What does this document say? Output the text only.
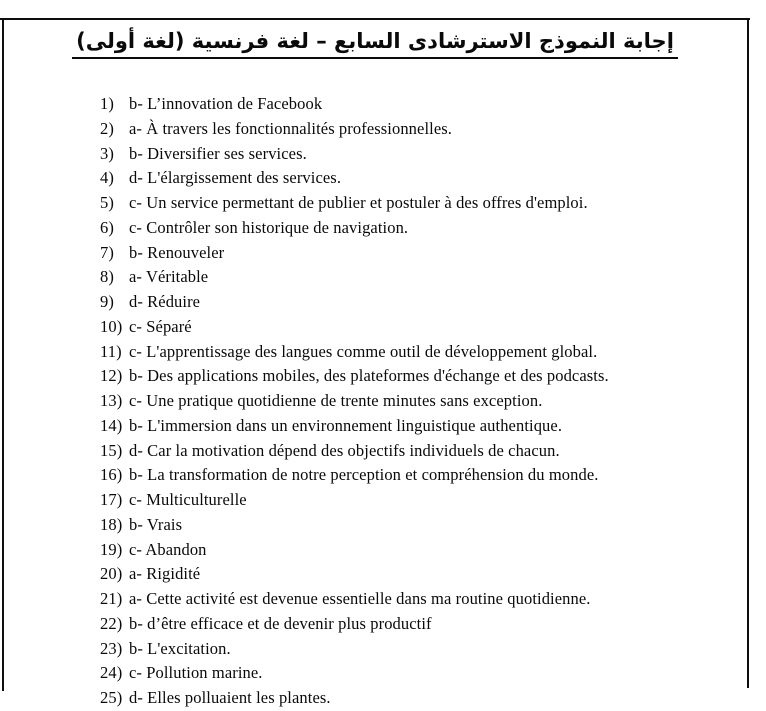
إجابة النموذج الاسترشادى السابع – لغة فرنسية (لغة أولى)
1) b- L’innovation de Facebook
2) a- À travers les fonctionnalités professionnelles.
3) b- Diversifier ses services.
4) d- L'élargissement des services.
5) c- Un service permettant de publier et postuler à des offres d'emploi.
6) c- Contrôler son historique de navigation.
7) b- Renouveler
8) a- Véritable
9) d- Réduire
10) c- Séparé
11) c- L'apprentissage des langues comme outil de développement global.
12) b- Des applications mobiles, des plateformes d'échange et des podcasts.
13) c- Une pratique quotidienne de trente minutes sans exception.
14) b- L'immersion dans un environnement linguistique authentique.
15) d- Car la motivation dépend des objectifs individuels de chacun.
16) b- La transformation de notre perception et compréhension du monde.
17) c- Multiculturelle
18) b- Vrais
19) c- Abandon
20) a- Rigidité
21) a- Cette activité est devenue essentielle dans ma routine quotidienne.
22) b- d’être efficace et de devenir plus productif
23) b- L'excitation.
24) c- Pollution marine.
25) d- Elles polluaient les plantes.
